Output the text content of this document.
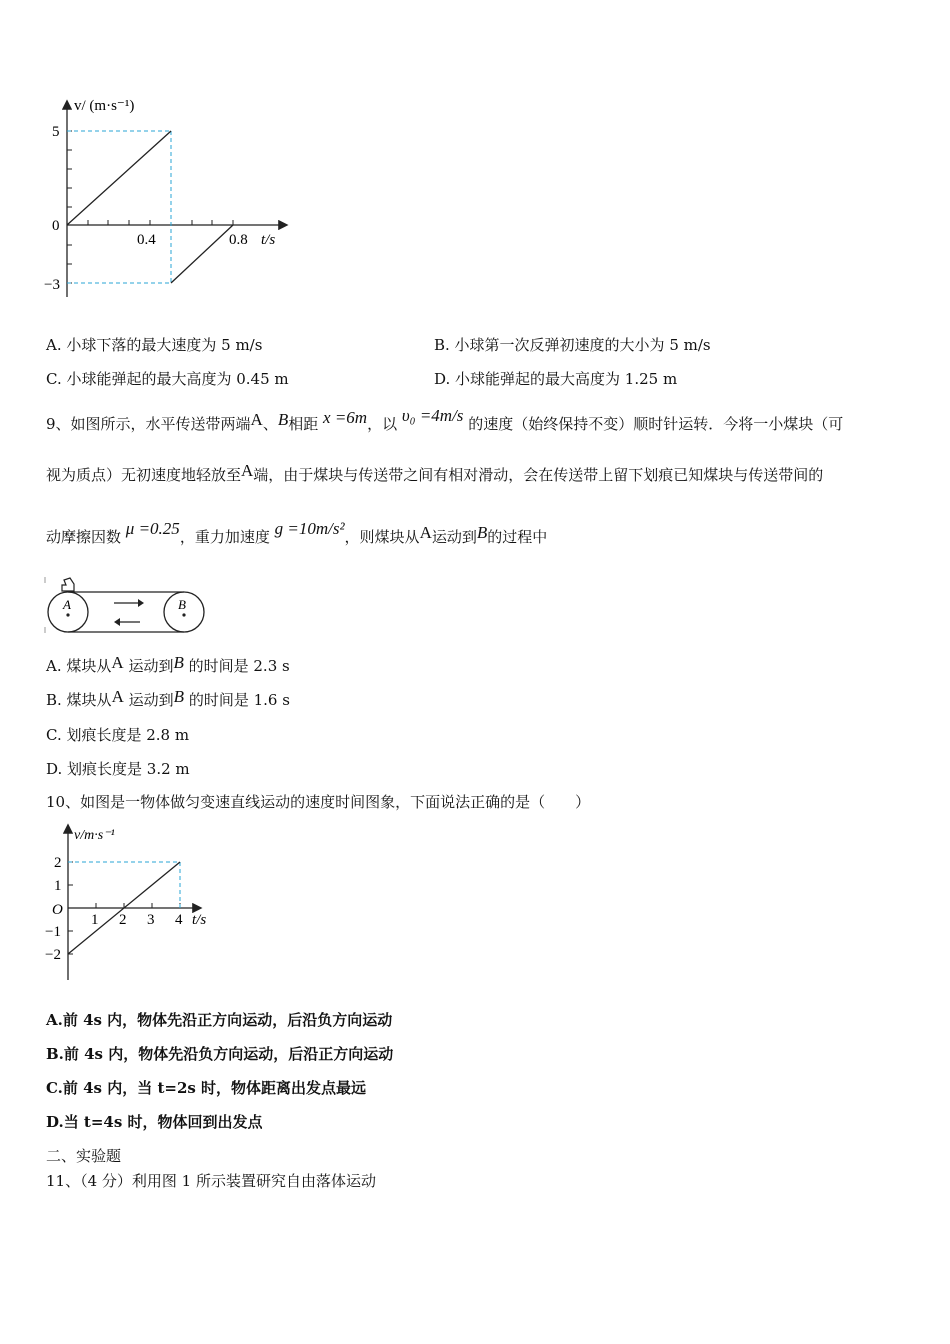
v/ (m·s⁻¹)
5
0
−3
0.4	0.8 t/s
A. 小球下落的最大速度为 5 m/s	B. 小球第一次反弹初速度的大小为 5 m/s
C. 小球能弹起的最大高度为 0.45 m	D. 小球能弹起的最大高度为 1.25 m
9、如图所示，水平传送带两端A、B相距 x =6m，以 υ₀ =4m/s 的速度（始终保持不变）顺时针运转．今将一小煤块（可
视为质点）无初速度地轻放至A端，由于煤块与传送带之间有相对滑动，会在传送带上留下划痕已知煤块与传送带间的
动摩擦因数 μ =0.25，重力加速度 g =10m/s²，则煤块从A运动到B的过程中
A	B
A. 煤块从A 运动到B 的时间是 2.3 s
B. 煤块从A 运动到B 的时间是 1.6 s
C. 划痕长度是 2.8 m
D. 划痕长度是 3.2 m
10、如图是一物体做匀变速直线运动的速度时间图象，下面说法正确的是（　　）
v/m·s⁻¹
2
1
O
−1
−2
1 2 3 4 t/s
A.前 4s 内，物体先沿正方向运动，后沿负方向运动
B.前 4s 内，物体先沿负方向运动，后沿正方向运动
C.前 4s 内，当 t=2s 时，物体距离出发点最远
D.当 t=4s 时，物体回到出发点
二、实验题
11、（4 分）利用图 1 所示装置研究自由落体运动
